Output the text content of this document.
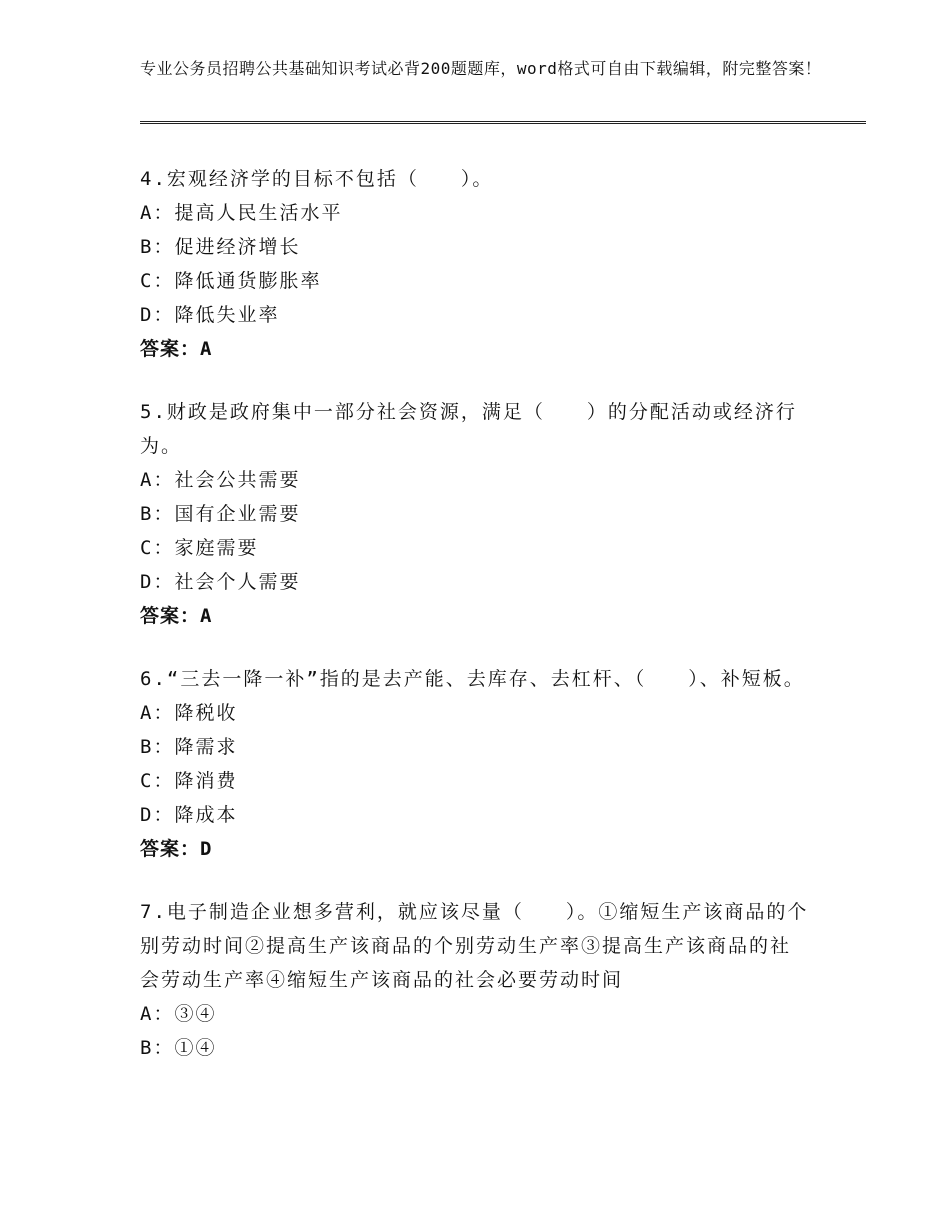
专业公务员招聘公共基础知识考试必背200题题库，word格式可自由下载编辑，附完整答案！

4.宏观经济学的目标不包括（　　）。

A：提高人民生活水平

B：促进经济增长

C：降低通货膨胀率

D：降低失业率

答案：A

5.财政是政府集中一部分社会资源，满足（　　）的分配活动或经济行为。

A：社会公共需要

B：国有企业需要

C：家庭需要

D：社会个人需要

答案：A

6.“三去一降一补”指的是去产能、去库存、去杠杆、（　　）、补短板。

A：降税收

B：降需求

C：降消费

D：降成本

答案：D

7.电子制造企业想多营利，就应该尽量（　　）。①缩短生产该商品的个别劳动时间②提高生产该商品的个别劳动生产率③提高生产该商品的社会劳动生产率④缩短生产该商品的社会必要劳动时间

A：③④

B：①④
